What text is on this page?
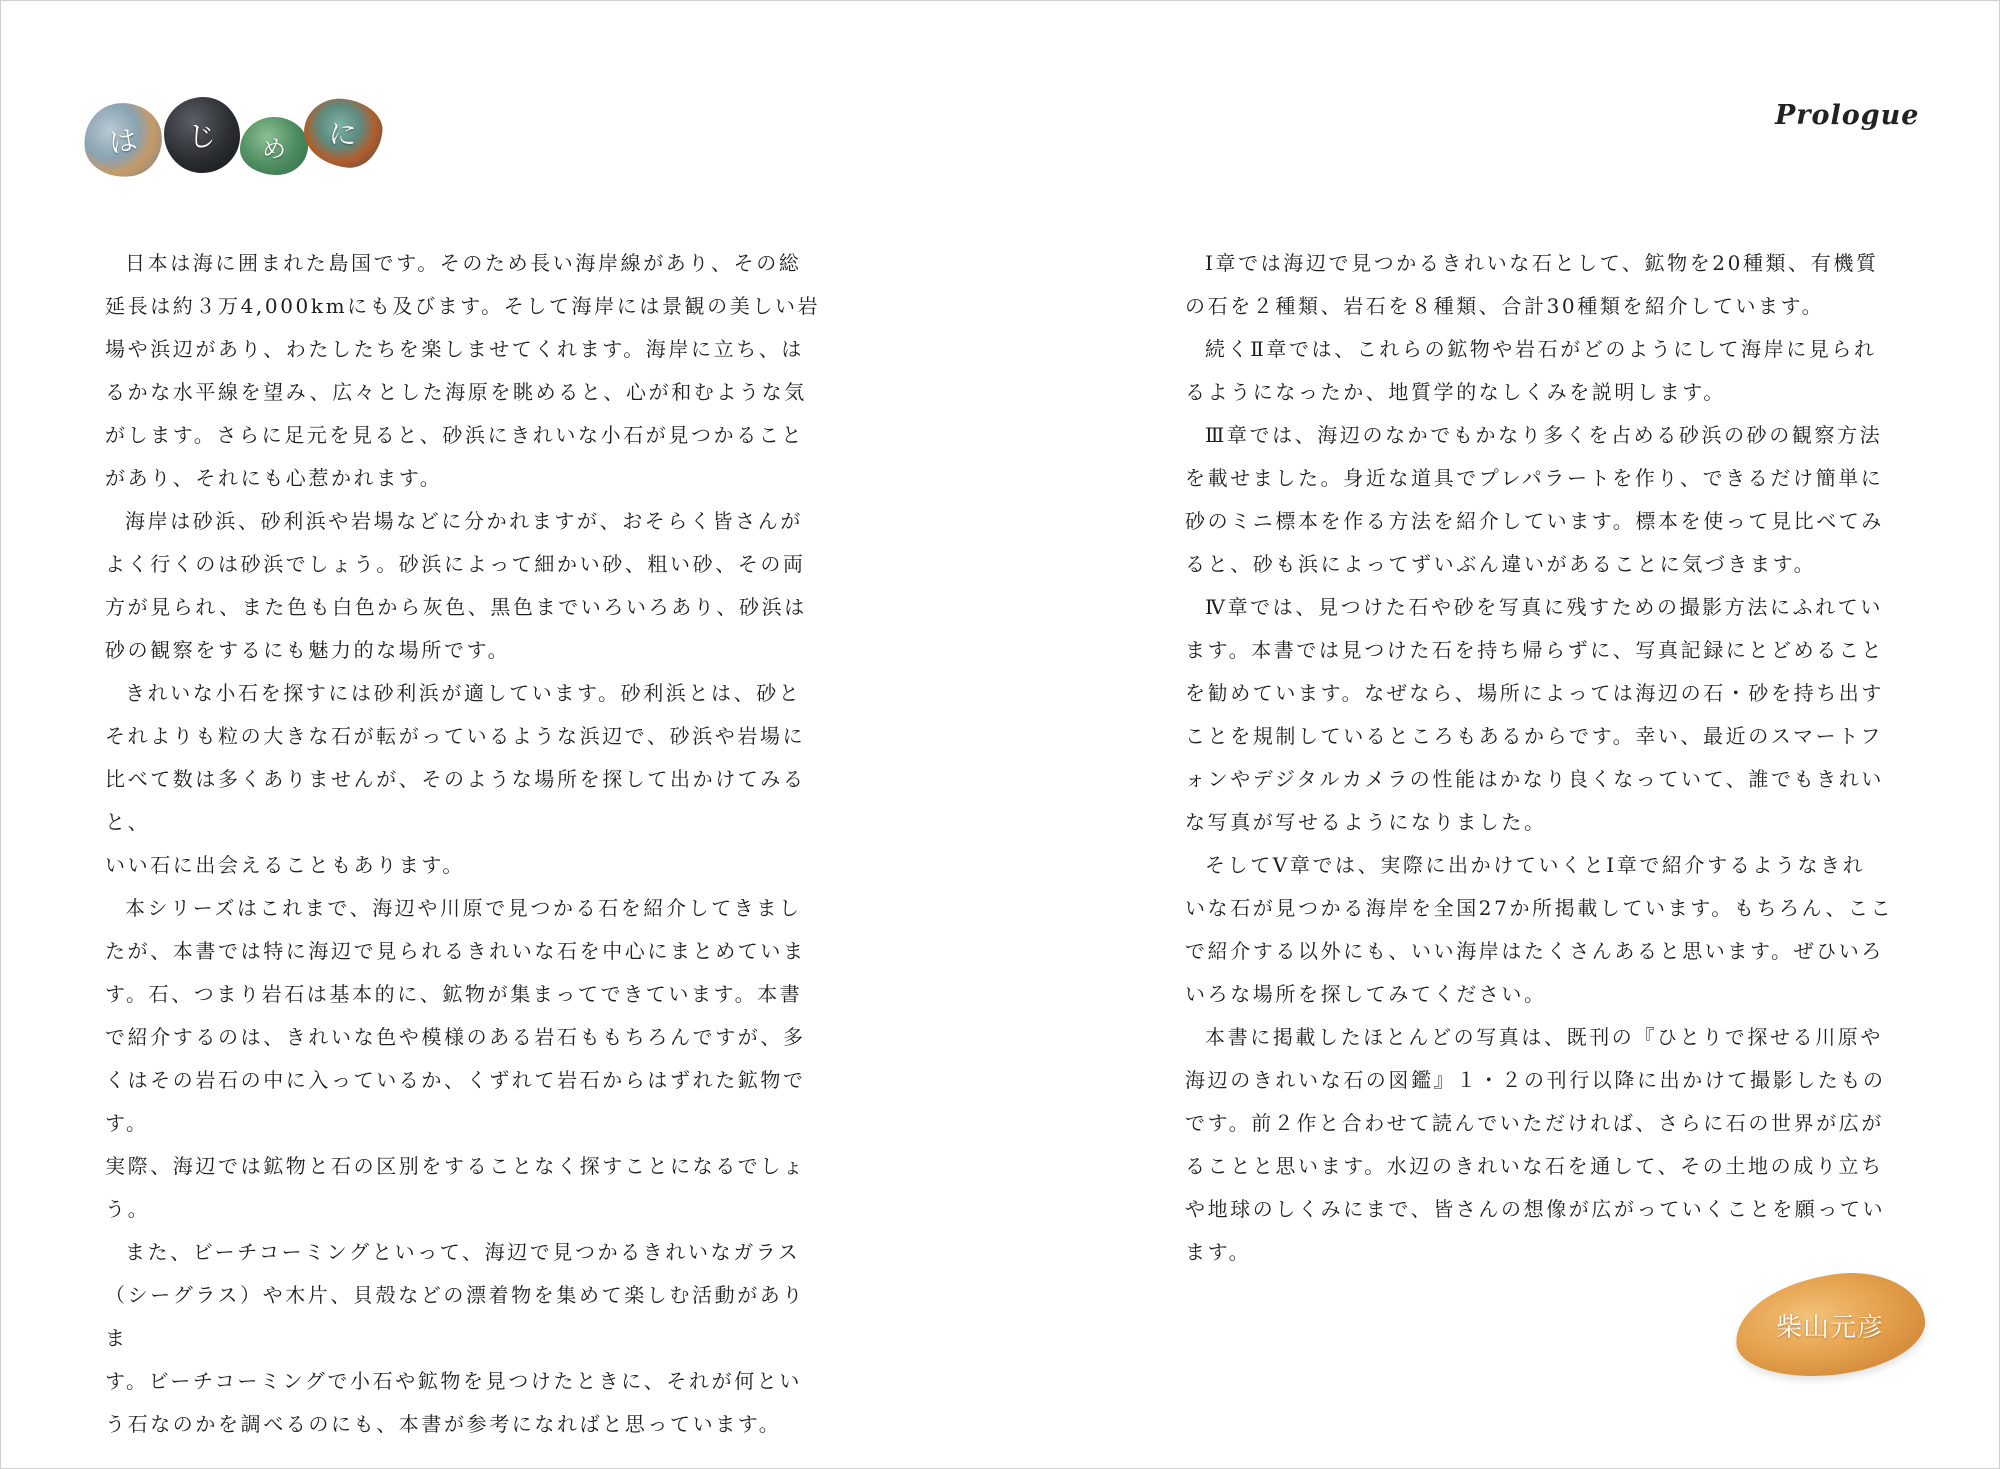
は	じ	め	に

日本は海に囲まれた島国です。そのため長い海岸線があり、その総
延長は約３万4,000kmにも及びます。そして海岸には景観の美しい岩
場や浜辺があり、わたしたちを楽しませてくれます。海岸に立ち、は
るかな水平線を望み、広々とした海原を眺めると、心が和むような気
がします。さらに足元を見ると、砂浜にきれいな小石が見つかること
があり、それにも心惹かれます。

海岸は砂浜、砂利浜や岩場などに分かれますが、おそらく皆さんが
よく行くのは砂浜でしょう。砂浜によって細かい砂、粗い砂、その両
方が見られ、また色も白色から灰色、黒色までいろいろあり、砂浜は
砂の観察をするにも魅力的な場所です。

きれいな小石を探すには砂利浜が適しています。砂利浜とは、砂と
それよりも粒の大きな石が転がっているような浜辺で、砂浜や岩場に
比べて数は多くありませんが、そのような場所を探して出かけてみると、
いい石に出会えることもあります。

本シリーズはこれまで、海辺や川原で見つかる石を紹介してきまし
たが、本書では特に海辺で見られるきれいな石を中心にまとめていま
す。石、つまり岩石は基本的に、鉱物が集まってできています。本書
で紹介するのは、きれいな色や模様のある岩石ももちろんですが、多
くはその岩石の中に入っているか、くずれて岩石からはずれた鉱物です。
実際、海辺では鉱物と石の区別をすることなく探すことになるでしょう。

また、ビーチコーミングといって、海辺で見つかるきれいなガラス
（シーグラス）や木片、貝殻などの漂着物を集めて楽しむ活動がありま
す。ビーチコーミングで小石や鉱物を見つけたときに、それが何とい
う石なのかを調べるのにも、本書が参考になればと思っています。

Prologue

Ⅰ章では海辺で見つかるきれいな石として、鉱物を20種類、有機質
の石を２種類、岩石を８種類、合計30種類を紹介しています。

続くⅡ章では、これらの鉱物や岩石がどのようにして海岸に見られ
るようになったか、地質学的なしくみを説明します。

Ⅲ章では、海辺のなかでもかなり多くを占める砂浜の砂の観察方法
を載せました。身近な道具でプレパラートを作り、できるだけ簡単に
砂のミニ標本を作る方法を紹介しています。標本を使って見比べてみ
ると、砂も浜によってずいぶん違いがあることに気づきます。

Ⅳ章では、見つけた石や砂を写真に残すための撮影方法にふれてい
ます。本書では見つけた石を持ち帰らずに、写真記録にとどめること
を勧めています。なぜなら、場所によっては海辺の石・砂を持ち出す
ことを規制しているところもあるからです。幸い、最近のスマートフ
ォンやデジタルカメラの性能はかなり良くなっていて、誰でもきれい
な写真が写せるようになりました。

そしてⅤ章では、実際に出かけていくとⅠ章で紹介するようなきれ
いな石が見つかる海岸を全国27か所掲載しています。もちろん、ここ
で紹介する以外にも、いい海岸はたくさんあると思います。ぜひいろ
いろな場所を探してみてください。

本書に掲載したほとんどの写真は、既刊の『ひとりで探せる川原や
海辺のきれいな石の図鑑』１・２の刊行以降に出かけて撮影したもの
です。前２作と合わせて読んでいただければ、さらに石の世界が広が
ることと思います。水辺のきれいな石を通して、その土地の成り立ち
や地球のしくみにまで、皆さんの想像が広がっていくことを願ってい
ます。

柴山元彦
